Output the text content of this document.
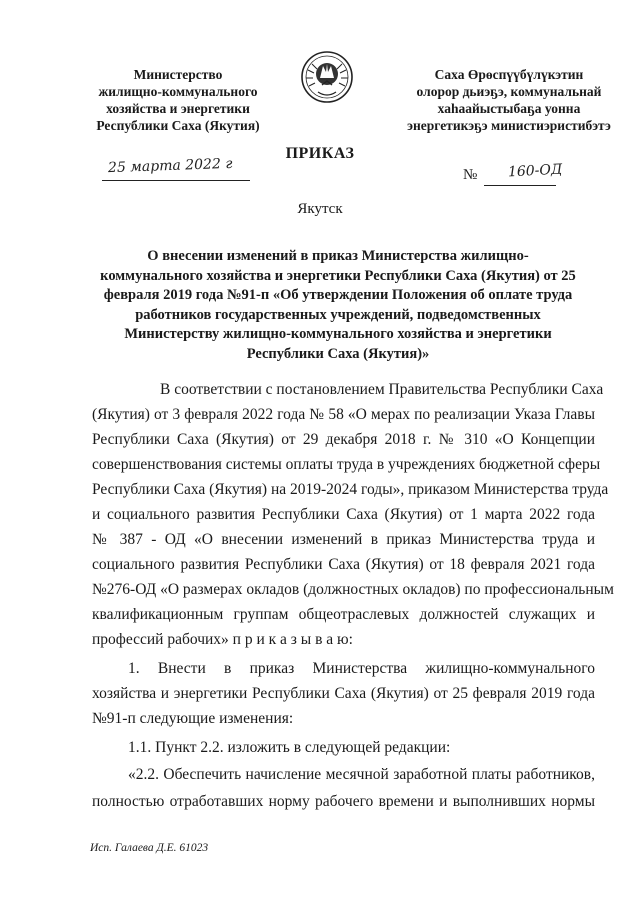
Министерство
жилищно-коммунального
хозяйства и энергетики
Республики Саха (Якутия)
Саха Өрөспүүбүлүкэтин
олорор дьиэҕэ, коммунальнай
хаһаайыстыбаҕа уонна
энергетикэҕэ министиэристибэтэ
ПРИКАЗ
25 марта 2022 г	№ 160-ОД
Якутск
О внесении изменений в приказ Министерства жилищно-
коммунального хозяйства и энергетики Республики Саха (Якутия) от 25
февраля 2019 года №91-п «Об утверждении Положения об оплате труда
работников государственных учреждений, подведомственных
Министерству жилищно-коммунального хозяйства и энергетики
Республики Саха (Якутия)»
В соответствии с постановлением Правительства Республики Саха
(Якутия) от 3 февраля 2022 года № 58 «О мерах по реализации Указа Главы
Республики Саха (Якутия) от 29 декабря 2018 г. № 310 «О Концепции
совершенствования системы оплаты труда в учреждениях бюджетной сферы
Республики Саха (Якутия) на 2019-2024 годы», приказом Министерства труда
и социального развития Республики Саха (Якутия) от 1 марта 2022 года
№ 387 - ОД «О внесении изменений в приказ Министерства труда и
социального развития Республики Саха (Якутия) от 18 февраля 2021 года
№276-ОД «О размерах окладов (должностных окладов) по профессиональным
квалификационным группам общеотраслевых должностей служащих и
профессий рабочих» п р и к а з ы в а ю:
1. Внести в приказ Министерства жилищно-коммунального
хозяйства и энергетики Республики Саха (Якутия) от 25 февраля 2019 года
№91-п следующие изменения:
1.1. Пункт 2.2. изложить в следующей редакции:
«2.2. Обеспечить начисление месячной заработной платы работников,
полностью отработавших норму рабочего времени и выполнивших нормы
Исп. Галаева Д.Е. 61023
